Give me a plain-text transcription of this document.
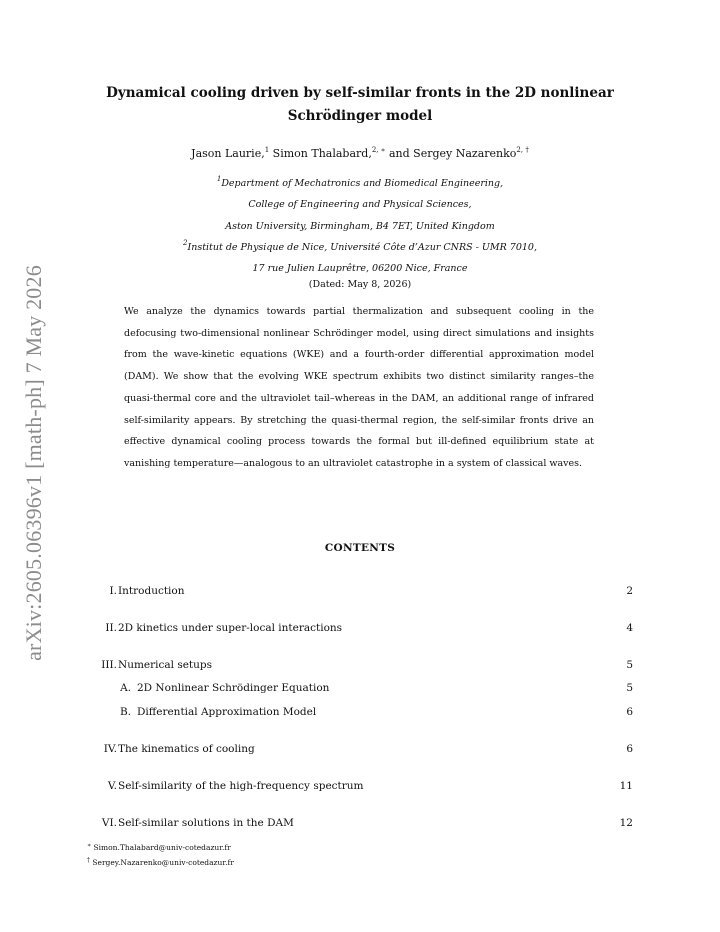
arXiv:2605.06396v1 [math-ph] 7 May 2026
Dynamical cooling driven by self-similar fronts in the 2D nonlinear
Schrödinger model
Jason Laurie,$^1$ Simon Thalabard,$^{2, ∗}$ and Sergey Nazarenko$^{2, \dagger}$
$^1$Department of Mechatronics and Biomedical Engineering,
College of Engineering and Physical Sciences,
Aston University, Birmingham, B4 7ET, United Kingdom
$^2$Institut de Physique de Nice, Université Côte d’Azur CNRS - UMR 7010,
17 rue Julien Lauprêtre, 06200 Nice, France
(Dated: May 8, 2026)
We analyze the dynamics towards partial thermalization and subsequent cooling in the defocusing two-dimensional nonlinear Schrödinger model, using direct simulations and insights from the wave-kinetic equations (WKE) and a fourth-order differential approximation model (DAM). We show that the evolving WKE spectrum exhibits two distinct similarity ranges–the quasi-thermal core and the ultraviolet tail–whereas in the DAM, an additional range of infrared self-similarity appears. By stretching the quasi-thermal region, the self-similar fronts drive an effective dynamical cooling process towards the formal but ill-defined equilibrium state at vanishing temperature—analogous to an ultraviolet catastrophe in a system of classical waves.
CONTENTS
I. Introduction	2
II. 2D kinetics under super-local interactions	4
III. Numerical setups	5
A. 2D Nonlinear Schrödinger Equation	5
B. Differential Approximation Model	6
IV. The kinematics of cooling	6
V. Self-similarity of the high-frequency spectrum	11
VI. Self-similar solutions in the DAM	12
∗ Simon.Thalabard@univ-cotedazur.fr
† Sergey.Nazarenko@univ-cotedazur.fr
